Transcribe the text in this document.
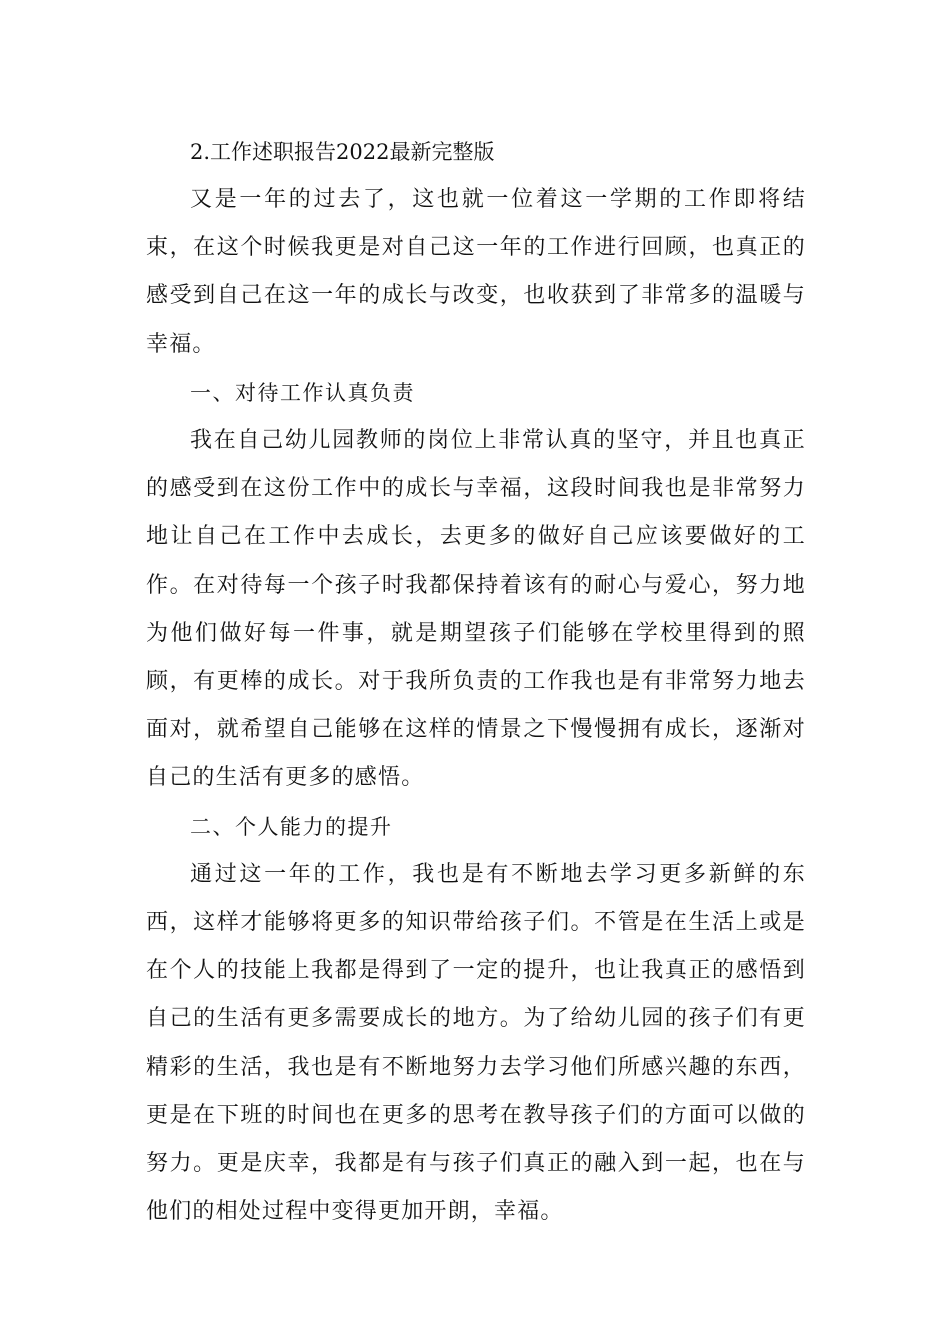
2.工作述职报告2022最新完整版

又是一年的过去了，这也就一位着这一学期的工作即将结束，在这个时候我更是对自己这一年的工作进行回顾，也真正的感受到自己在这一年的成长与改变，也收获到了非常多的温暖与幸福。

一、对待工作认真负责

我在自己幼儿园教师的岗位上非常认真的坚守，并且也真正的感受到在这份工作中的成长与幸福，这段时间我也是非常努力地让自己在工作中去成长，去更多的做好自己应该要做好的工作。在对待每一个孩子时我都保持着该有的耐心与爱心，努力地为他们做好每一件事，就是期望孩子们能够在学校里得到的照顾，有更棒的成长。对于我所负责的工作我也是有非常努力地去面对，就希望自己能够在这样的情景之下慢慢拥有成长，逐渐对自己的生活有更多的感悟。

二、个人能力的提升

通过这一年的工作，我也是有不断地去学习更多新鲜的东西，这样才能够将更多的知识带给孩子们。不管是在生活上或是在个人的技能上我都是得到了一定的提升，也让我真正的感悟到自己的生活有更多需要成长的地方。为了给幼儿园的孩子们有更精彩的生活，我也是有不断地努力去学习他们所感兴趣的东西，更是在下班的时间也在更多的思考在教导孩子们的方面可以做的努力。更是庆幸，我都是有与孩子们真正的融入到一起，也在与他们的相处过程中变得更加开朗，幸福。
